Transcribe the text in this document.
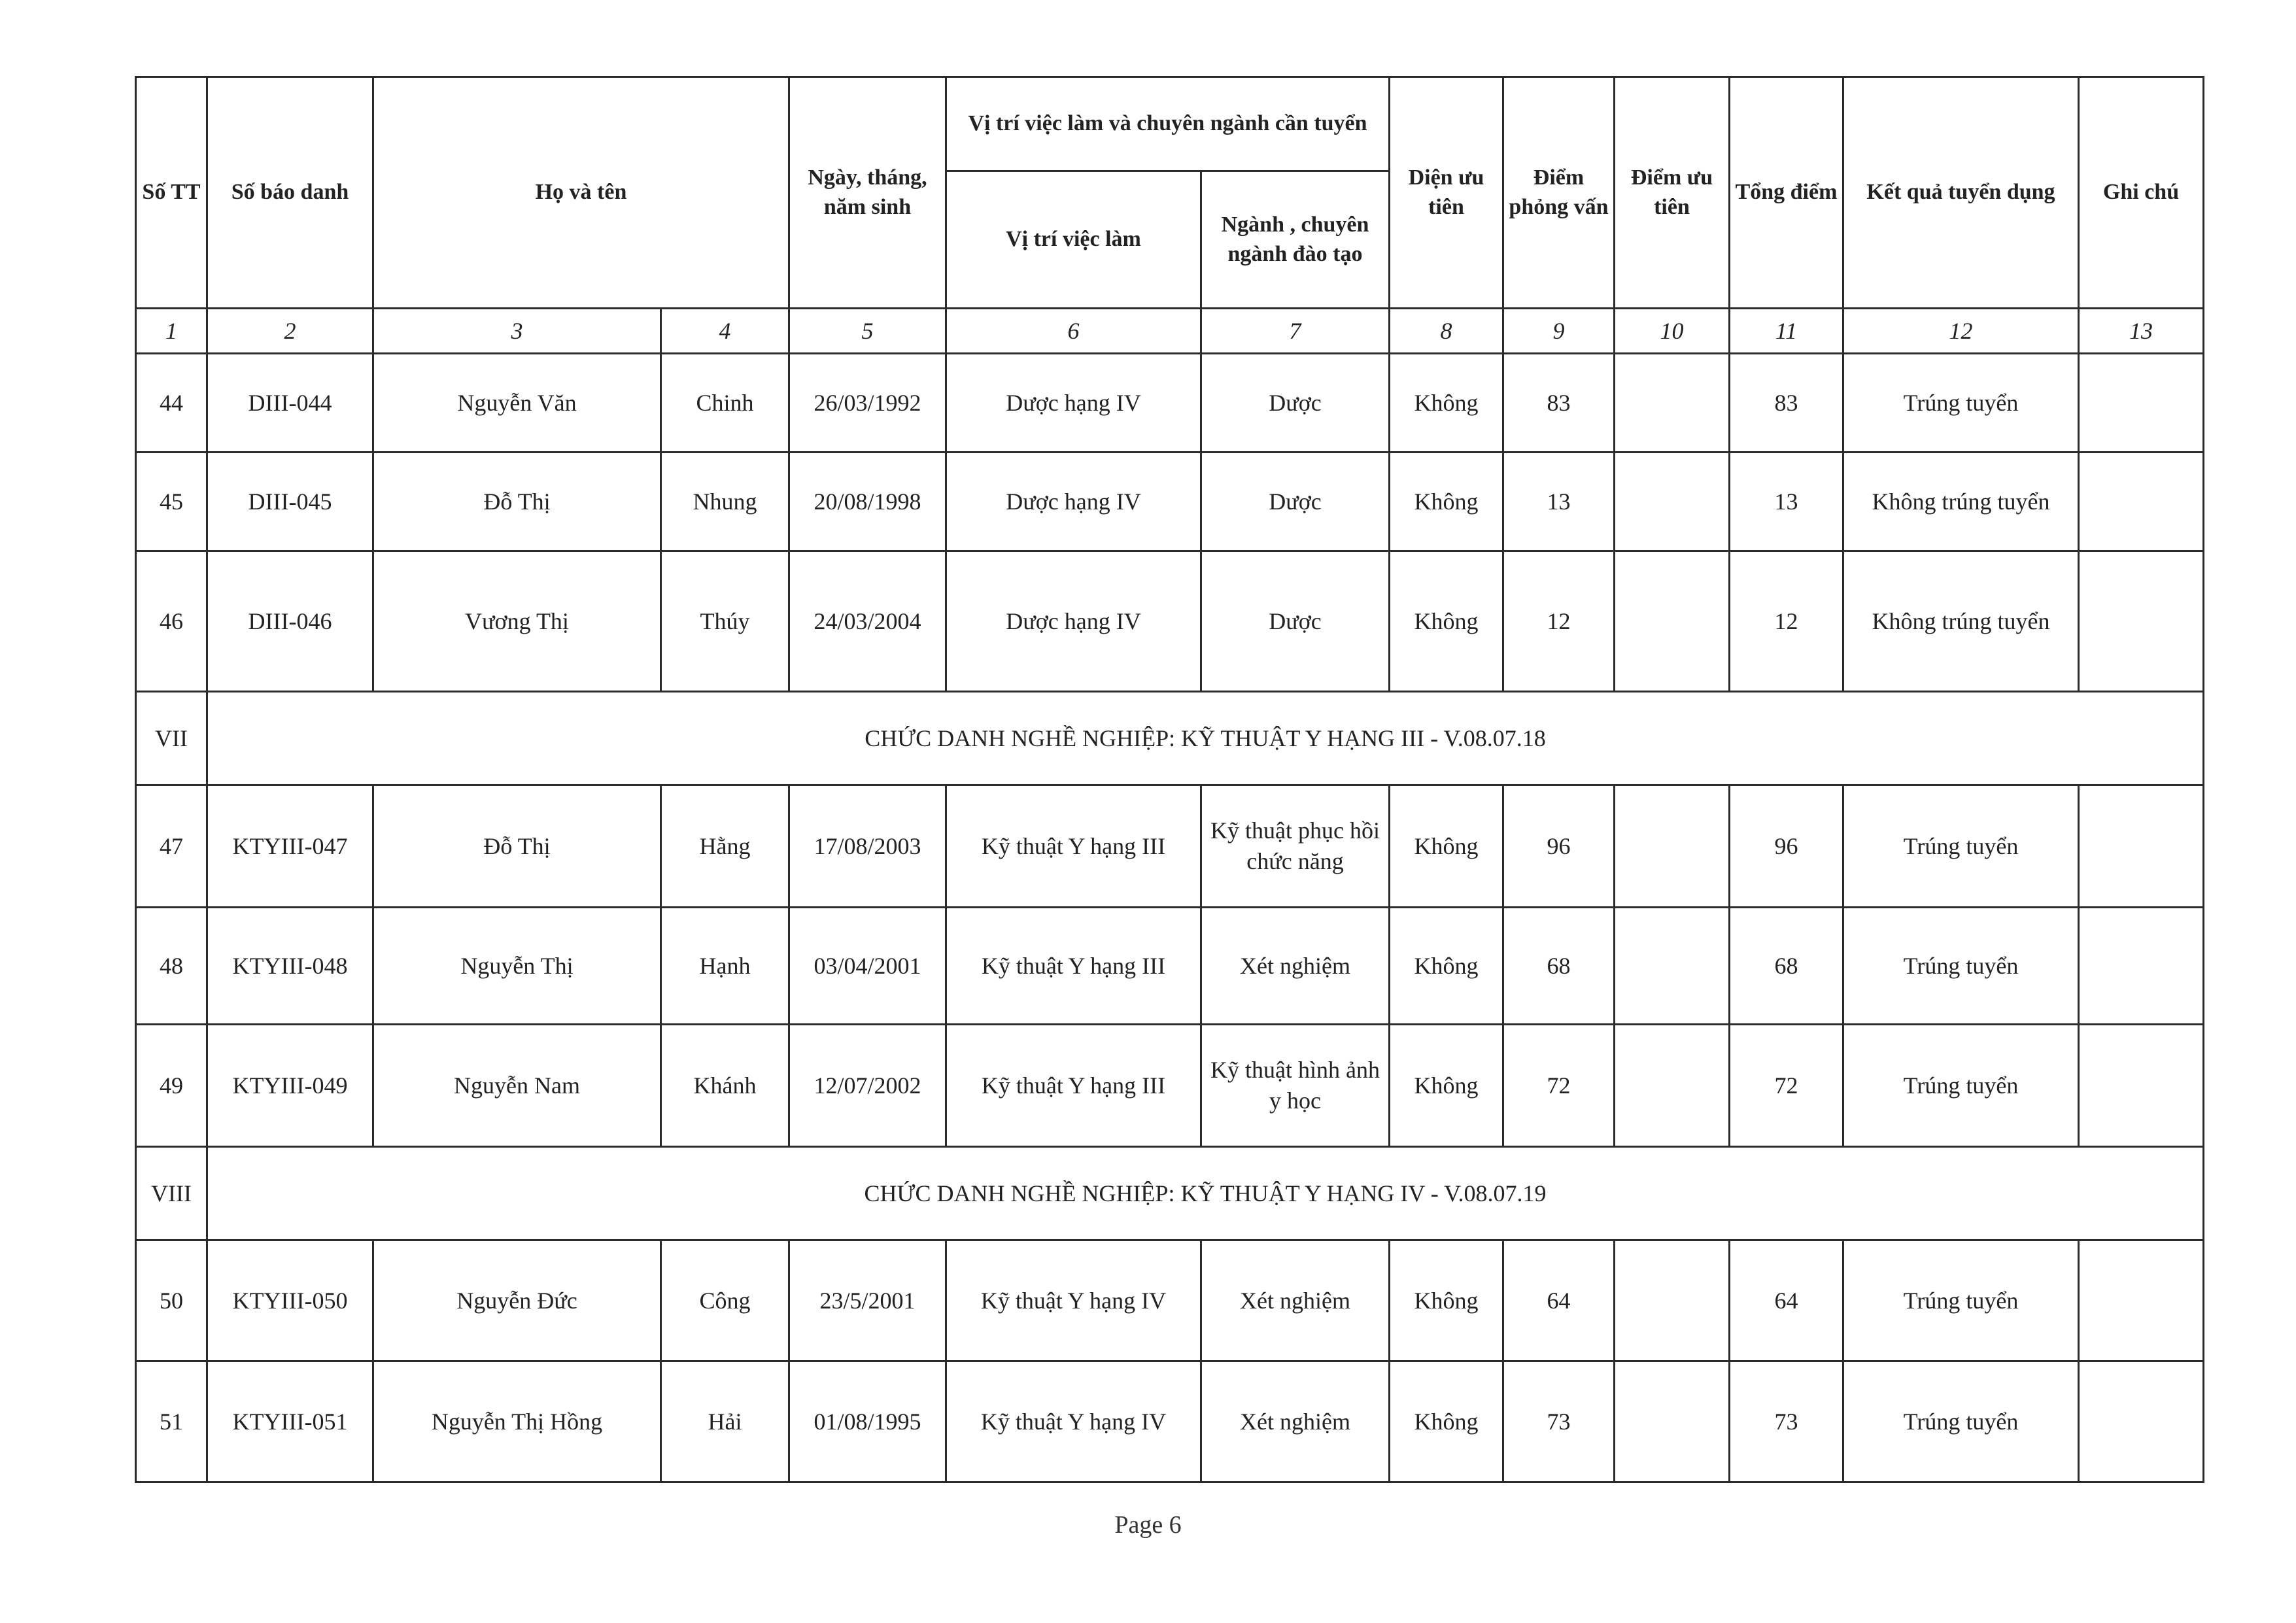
Số TT	Số báo danh	Họ và tên		Ngày, tháng, năm sinh	Vị trí việc làm và chuyên ngành cần tuyển		Diện ưu tiên	Điểm phỏng vấn	Điểm ưu tiên	Tổng điểm	Kết quả tuyển dụng	Ghi chú
					Vị trí việc làm	Ngành , chuyên ngành đào tạo						
1	2	3	4	5	6	7	8	9	10	11	12	13
44	DIII-044	Nguyễn Văn	Chinh	26/03/1992	Dược hạng IV	Dược	Không	83		83	Trúng tuyển	
45	DIII-045	Đỗ Thị	Nhung	20/08/1998	Dược hạng IV	Dược	Không	13		13	Không trúng tuyển	
46	DIII-046	Vương Thị	Thúy	24/03/2004	Dược hạng IV	Dược	Không	12		12	Không trúng tuyển	
VII	CHỨC DANH NGHỀ NGHIỆP: KỸ THUẬT Y HẠNG III - V.08.07.18											
47	KTYIII-047	Đỗ Thị	Hằng	17/08/2003	Kỹ thuật Y hạng III	Kỹ thuật phục hồi chức năng	Không	96		96	Trúng tuyển	
48	KTYIII-048	Nguyễn Thị	Hạnh	03/04/2001	Kỹ thuật Y hạng III	Xét nghiệm	Không	68		68	Trúng tuyển	
49	KTYIII-049	Nguyễn Nam	Khánh	12/07/2002	Kỹ thuật Y hạng III	Kỹ thuật hình ảnh y học	Không	72		72	Trúng tuyển	
VIII	CHỨC DANH NGHỀ NGHIỆP: KỸ THUẬT Y HẠNG IV - V.08.07.19											
50	KTYIII-050	Nguyễn Đức	Công	23/5/2001	Kỹ thuật Y hạng IV	Xét nghiệm	Không	64		64	Trúng tuyển	
51	KTYIII-051	Nguyễn Thị Hồng	Hải	01/08/1995	Kỹ thuật Y hạng IV	Xét nghiệm	Không	73		73	Trúng tuyển	
Page 6
